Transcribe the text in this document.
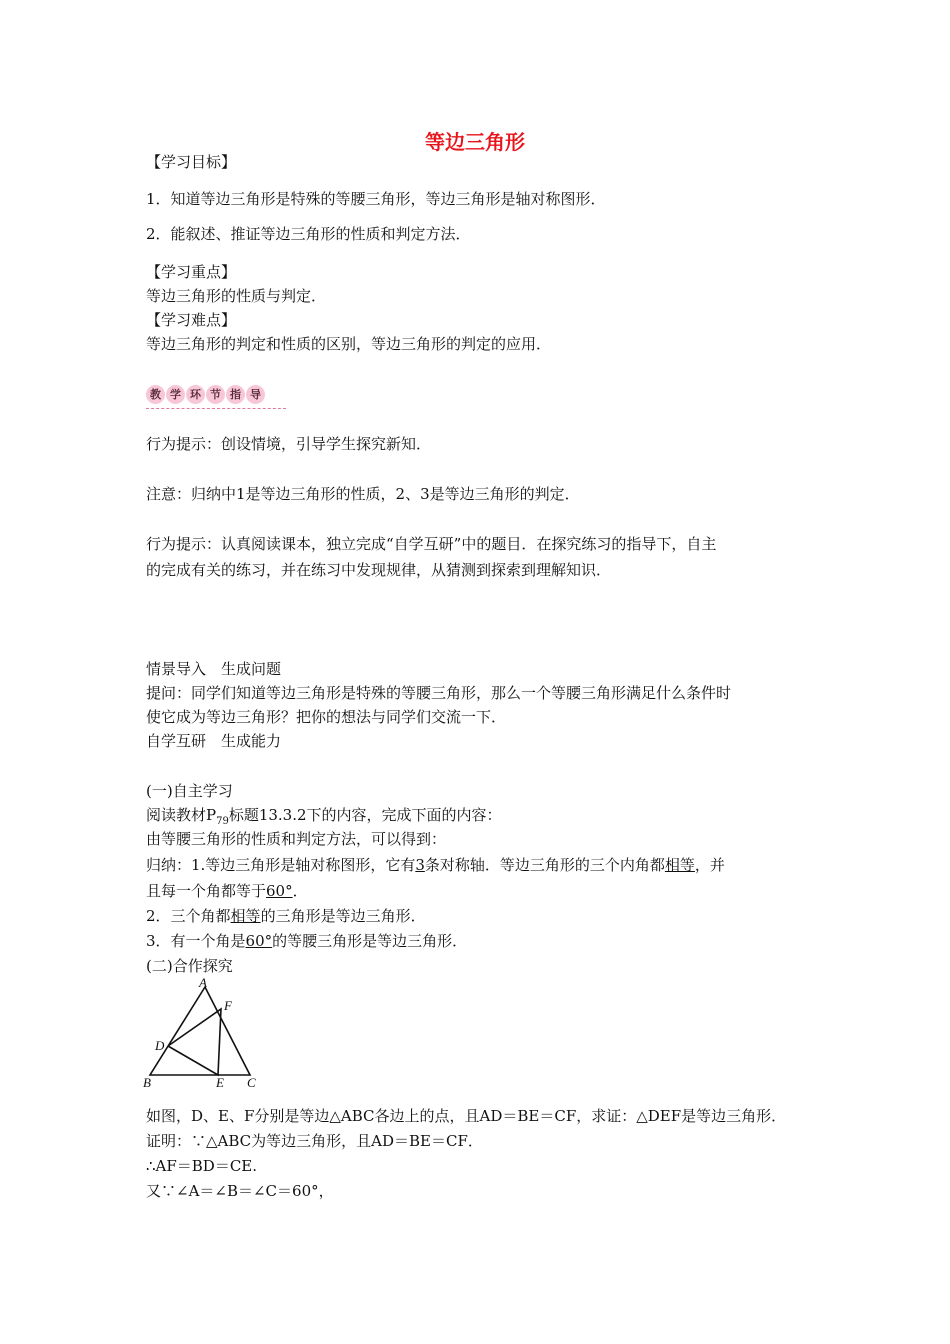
等边三角形
【学习目标】
1．知道等边三角形是特殊的等腰三角形，等边三角形是轴对称图形．
2．能叙述、推证等边三角形的性质和判定方法．
【学习重点】
等边三角形的性质与判定．
【学习难点】
等边三角形的判定和性质的区别，等边三角形的判定的应用．
教 学 环 节 指 导
行为提示：创设情境，引导学生探究新知．
注意：归纳中1是等边三角形的性质，2、3是等边三角形的判定．
行为提示：认真阅读课本，独立完成“自学互研”中的题目．在探究练习的指导下，自主
的完成有关的练习，并在练习中发现规律，从猜测到探索到理解知识．
情景导入　生成问题
提问：同学们知道等边三角形是特殊的等腰三角形，那么一个等腰三角形满足什么条件时
使它成为等边三角形？把你的想法与同学们交流一下．
自学互研　生成能力
(一)自主学习
阅读教材$P_{79}$标题13.3.2下的内容，完成下面的内容：
由等腰三角形的性质和判定方法，可以得到：
归纳：1.等边三角形是轴对称图形，它有3条对称轴．等边三角形的三个内角都相等，并
且每一个角都等于60°．
2．三个角都相等的三角形是等边三角形．
3．有一个角是60°的等腰三角形是等边三角形．
(二)合作探究
A
B	C
D
E
F
如图，D、E、F分别是等边△ABC各边上的点，且AD＝BE＝CF，求证：△DEF是等边三角形．
证明：∵△ABC为等边三角形，且AD＝BE＝CF．
∴AF＝BD＝CE.
又∵∠A＝∠B＝∠C＝60°，
